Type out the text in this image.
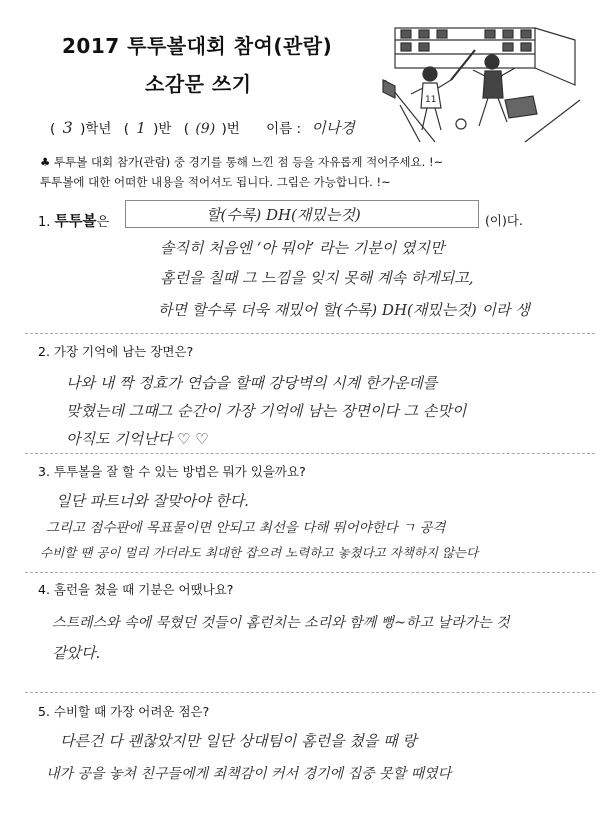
2017 투투볼대회 참여(관람)
소감문 쓰기
( 3 )학년 ( 1 )반 ( (9) )번 이름 : 이나경
11
♣ 투투볼 대회 참가(관람) 중 경기를 통해 느낀 점 등을 자유롭게 적어주세요. !~
투투볼에 대한 어떠한 내용을 적어셔도 됩니다. 그림은 가능합니다. !~
1. 투투볼은	할(수록) DH(재밌는것)	(이)다.
솔직히 처음엔 ‘아 뭐야’ 라는 기분이 였지만
홈런을 칠때 그 느낌을 잊지 못해 계속 하게되고,
하면 할수록 더욱 재밌어 할(수록) DH(재밌는것) 이라 생
2. 가장 기억에 남는 장면은?
나와 내 짝 정효가 연습을 할때 강당벽의 시계 한가운데를
맞혔는데 그때그 순간이 가장 기억에 남는 장면이다 그 손맛이
아직도 기억난다 ♡ ♡
3. 투투볼을 잘 할 수 있는 방법은 뭐가 있을까요?
일단 파트너와 잘맞아야 한다.
그리고 점수판에 목표물이면 안되고 최선을 다해 뛰어야한다 ㄱ 공격
수비할 땐 공이 멀리 가더라도 최대한 잡으려 노력하고 놓쳤다고 자책하지 않는다
4. 홈런을 쳤을 때 기분은 어땠나요?
스트레스와 속에 묵혔던 것들이 홈런치는 소리와 함께 뻥~하고 날라가는 것
같았다.
5. 수비할 때 가장 어려운 점은?
다른건 다 괜찮았지만 일단 상대팀이 홈런을 쳤을 때 랑
내가 공을 놓쳐 친구들에게 죄책감이 커서 경기에 집중 못할 때였다
